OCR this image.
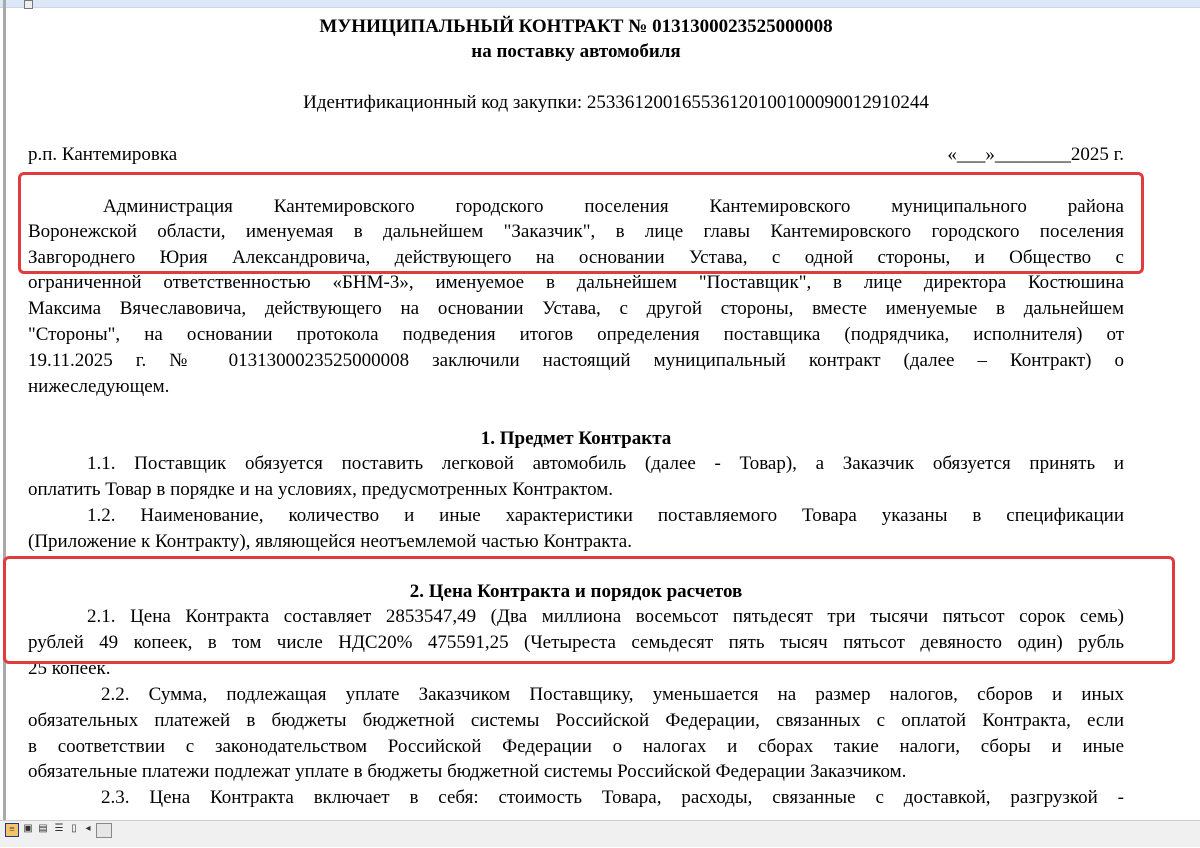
МУНИЦИПАЛЬНЫЙ КОНТРАКТ № 0131300023525000008
на поставку автомобиля
Идентификационный код закупки: 253361200165536120100100090012910244
р.п. Кантемировка	«___»________2025 г.
Администрация Кантемировского городского поселения Кантемировского муниципального района
Воронежской области, именуемая в дальнейшем "Заказчик", в лице главы Кантемировского городского поселения
Завгороднего Юрия Александровича, действующего на основании Устава, с одной стороны, и Общество с
ограниченной ответственностью «БНМ-3», именуемое в дальнейшем "Поставщик", в лице директора Костюшина
Максима Вячеславовича, действующего на основании Устава, с другой стороны, вместе именуемые в дальнейшем
"Стороны", на основании протокола подведения итогов определения поставщика (подрядчика, исполнителя) от
19.11.2025 г. № 0131300023525000008 заключили настоящий муниципальный контракт (далее – Контракт) о
нижеследующем.
1. Предмет Контракта
1.1. Поставщик обязуется поставить легковой автомобиль (далее - Товар), а Заказчик обязуется принять и
оплатить Товар в порядке и на условиях, предусмотренных Контрактом.
1.2. Наименование, количество и иные характеристики поставляемого Товара указаны в спецификации
(Приложение к Контракту), являющейся неотъемлемой частью Контракта.
2. Цена Контракта и порядок расчетов
2.1. Цена Контракта составляет 2853547,49 (Два миллиона восемьсот пятьдесят три тысячи пятьсот сорок семь)
рублей 49 копеек, в том числе НДС20% 475591,25 (Четыреста семьдесят пять тысяч пятьсот девяносто один) рубль
25 копеек.
2.2. Сумма, подлежащая уплате Заказчиком Поставщику, уменьшается на размер налогов, сборов и иных
обязательных платежей в бюджеты бюджетной системы Российской Федерации, связанных с оплатой Контракта, если
в соответствии с законодательством Российской Федерации о налогах и сборах такие налоги, сборы и иные
обязательные платежи подлежат уплате в бюджеты бюджетной системы Российской Федерации Заказчиком.
2.3. Цена Контракта включает в себя: стоимость Товара, расходы, связанные с доставкой, разгрузкой -
≡ ▣ ▤ ☰ ▯ ◂
